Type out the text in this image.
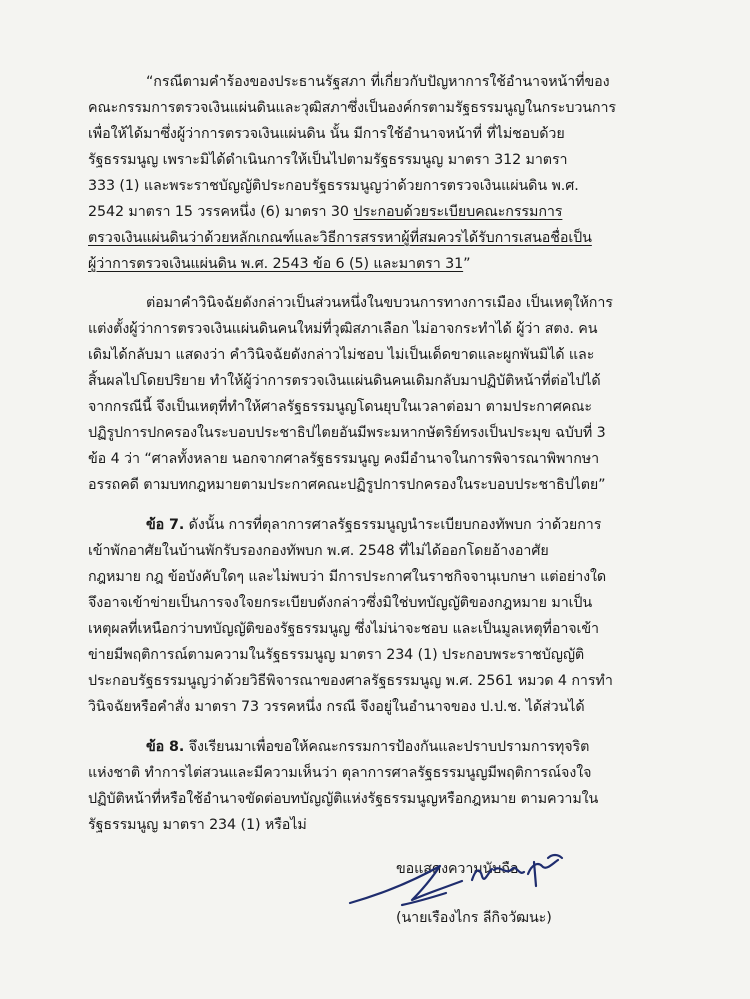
“กรณีตามคำร้องของประธานรัฐสภา ที่เกี่ยวกับปัญหาการใช้อำนาจหน้าที่ของ
คณะกรรมการตรวจเงินแผ่นดินและวุฒิสภาซึ่งเป็นองค์กรตามรัฐธรรมนูญในกระบวนการ
เพื่อให้ได้มาซึ่งผู้ว่าการตรวจเงินแผ่นดิน นั้น มีการใช้อำนาจหน้าที่ ที่ไม่ชอบด้วย
รัฐธรรมนูญ เพราะมิได้ดำเนินการให้เป็นไปตามรัฐธรรมนูญ มาตรา 312 มาตรา
333 (1) และพระราชบัญญัติประกอบรัฐธรรมนูญว่าด้วยการตรวจเงินแผ่นดิน พ.ศ.
2542 มาตรา 15 วรรคหนึ่ง (6) มาตรา 30 ประกอบด้วยระเบียบคณะกรรมการ
ตรวจเงินแผ่นดินว่าด้วยหลักเกณฑ์และวิธีการสรรหาผู้ที่สมควรได้รับการเสนอชื่อเป็น
ผู้ว่าการตรวจเงินแผ่นดิน พ.ศ. 2543 ข้อ 6 (5) และมาตรา 31”
ต่อมาคำวินิจฉัยดังกล่าวเป็นส่วนหนึ่งในขบวนการทางการเมือง เป็นเหตุให้การ
แต่งตั้งผู้ว่าการตรวจเงินแผ่นดินคนใหม่ที่วุฒิสภาเลือก ไม่อาจกระทำได้ ผู้ว่า สตง. คน
เดิมได้กลับมา แสดงว่า คำวินิจฉัยดังกล่าวไม่ชอบ ไม่เป็นเด็ดขาดและผูกพันมิได้ และ
สิ้นผลไปโดยปริยาย ทำให้ผู้ว่าการตรวจเงินแผ่นดินคนเดิมกลับมาปฏิบัติหน้าที่ต่อไปได้
จากกรณีนี้ จึงเป็นเหตุที่ทำให้ศาลรัฐธรรมนูญโดนยุบในเวลาต่อมา ตามประกาศคณะ
ปฏิรูปการปกครองในระบอบประชาธิปไตยอันมีพระมหากษัตริย์ทรงเป็นประมุข ฉบับที่ 3
ข้อ 4 ว่า “ศาลทั้งหลาย นอกจากศาลรัฐธรรมนูญ คงมีอำนาจในการพิจารณาพิพากษา
อรรถคดี ตามบทกฎหมายตามประกาศคณะปฏิรูปการปกครองในระบอบประชาธิปไตย”
ข้อ 7. ดังนั้น การที่ตุลาการศาลรัฐธรรมนูญนำระเบียบกองทัพบก ว่าด้วยการ
เข้าพักอาศัยในบ้านพักรับรองกองทัพบก พ.ศ. 2548 ที่ไม่ได้ออกโดยอ้างอาศัย
กฎหมาย กฎ ข้อบังคับใดๆ และไม่พบว่า มีการประกาศในราชกิจจานุเบกษา แต่อย่างใด
จึงอาจเข้าข่ายเป็นการจงใจยกระเบียบดังกล่าวซึ่งมิใช่บทบัญญัติของกฎหมาย มาเป็น
เหตุผลที่เหนือกว่าบทบัญญัติของรัฐธรรมนูญ ซึ่งไม่น่าจะชอบ และเป็นมูลเหตุที่อาจเข้า
ข่ายมีพฤติการณ์ตามความในรัฐธรรมนูญ มาตรา 234 (1) ประกอบพระราชบัญญัติ
ประกอบรัฐธรรมนูญว่าด้วยวิธีพิจารณาของศาลรัฐธรรมนูญ พ.ศ. 2561 หมวด 4 การทำ
วินิจฉัยหรือคำสั่ง มาตรา 73 วรรคหนึ่ง กรณี จึงอยู่ในอำนาจของ ป.ป.ช. ได้ส่วนได้
ข้อ 8. จึงเรียนมาเพื่อขอให้คณะกรรมการป้องกันและปราบปรามการทุจริต
แห่งชาติ ทำการไต่สวนและมีความเห็นว่า ตุลาการศาลรัฐธรรมนูญมีพฤติการณ์จงใจ
ปฏิบัติหน้าที่หรือใช้อำนาจขัดต่อบทบัญญัติแห่งรัฐธรรมนูญหรือกฎหมาย ตามความใน
รัฐธรรมนูญ มาตรา 234 (1) หรือไม่
ขอแสดงความนับถือ
(นายเรืองไกร ลีกิจวัฒนะ)
